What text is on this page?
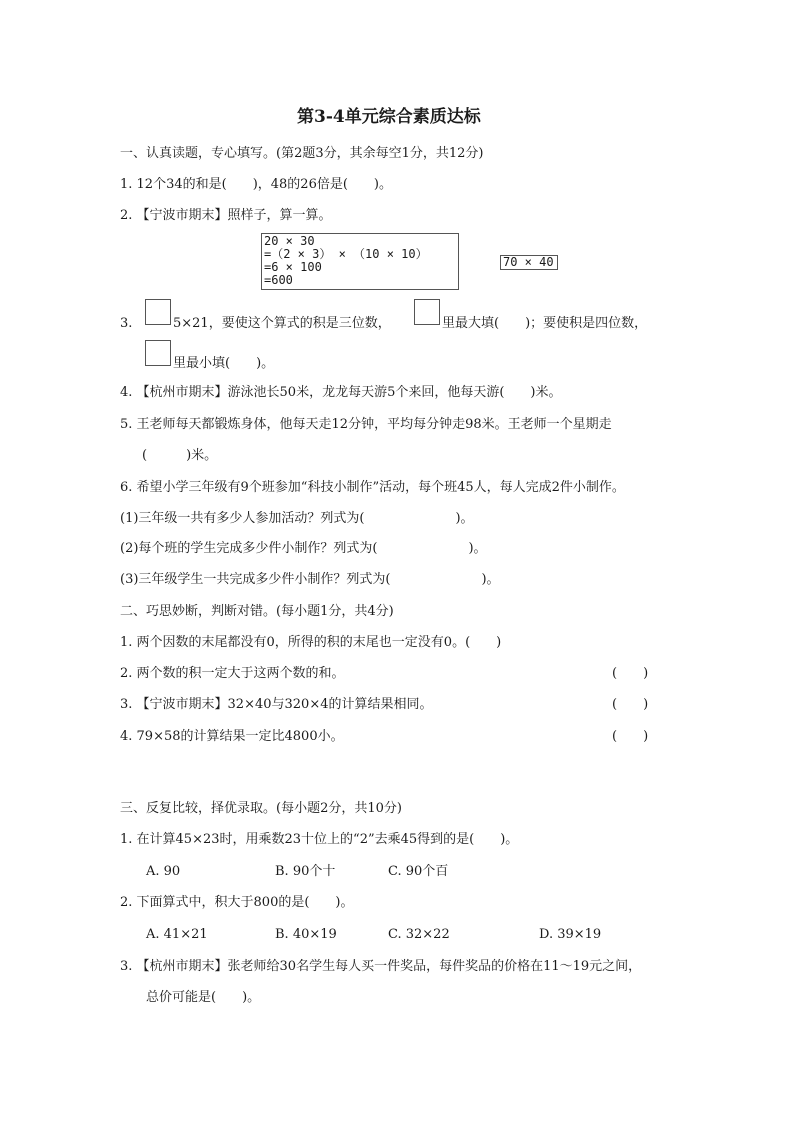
第3-4单元综合素质达标
一、认真读题，专心填写。(第2题3分，其余每空1分，共12分)
1. 12个34的和是(　　)，48的26倍是(　　)。
2. 【宁波市期末】照样子，算一算。
20 × 30
=（2 × 3） × （10 × 10）
=6 × 100
=600
70 × 40
3.	5×21，要使这个算式的积是三位数，	里最大填(　　)；要使积是四位数，
里最小填(　　)。
4. 【杭州市期末】游泳池长50米，龙龙每天游5个来回，他每天游(　　)米。
5. 王老师每天都锻炼身体，他每天走12分钟，平均每分钟走98米。王老师一个星期走
(　　　)米。
6. 希望小学三年级有9个班参加“科技小制作”活动，每个班45人，每人完成2件小制作。
(1)三年级一共有多少人参加活动？列式为(　　　　　　　)。
(2)每个班的学生完成多少件小制作？列式为(　　　　　　　)。
(3)三年级学生一共完成多少件小制作？列式为(　　　　　　　)。
二、巧思妙断，判断对错。(每小题1分，共4分)
1. 两个因数的末尾都没有0，所得的积的末尾也一定没有0。(　　)
2. 两个数的积一定大于这两个数的和。	(　　)
3. 【宁波市期末】32×40与320×4的计算结果相同。	(　　)
4. 79×58的计算结果一定比4800小。	(　　)
三、反复比较，择优录取。(每小题2分，共10分)
1. 在计算45×23时，用乘数23十位上的“2”去乘45得到的是(　　)。
A. 90	B. 90个十	C. 90个百
2. 下面算式中，积大于800的是(　　)。
A. 41×21	B. 40×19	C. 32×22	D. 39×19
3. 【杭州市期末】张老师给30名学生每人买一件奖品，每件奖品的价格在11～19元之间，
总价可能是(　　)。
